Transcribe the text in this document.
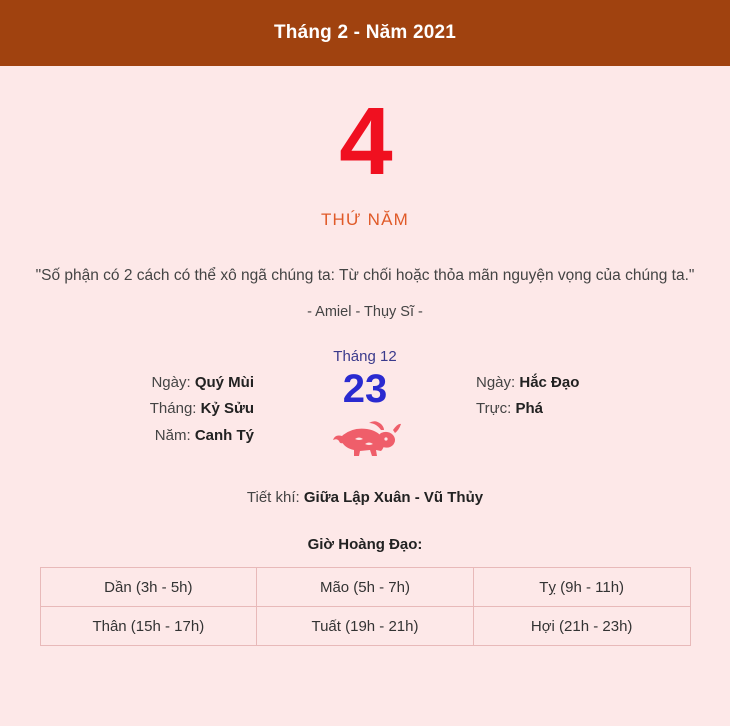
Tháng 2 - Năm 2021
4
THỨ NĂM
"Số phận có 2 cách có thể xô ngã chúng ta: Từ chối hoặc thỏa mãn nguyện vọng của chúng ta."
- Amiel - Thụy Sĩ -
Ngày: Quý Mùi
Tháng: Kỷ Sửu
Năm: Canh Tý
Tháng 12
23	Ngày: Hắc Đạo
Trực: Phá
Tiết khí: Giữa Lập Xuân - Vũ Thủy
Giờ Hoàng Đạo:
Dần (3h - 5h)	Mão (5h - 7h)	Tỵ (9h - 11h)
Thân (15h - 17h)	Tuất (19h - 21h)	Hợi (21h - 23h)
